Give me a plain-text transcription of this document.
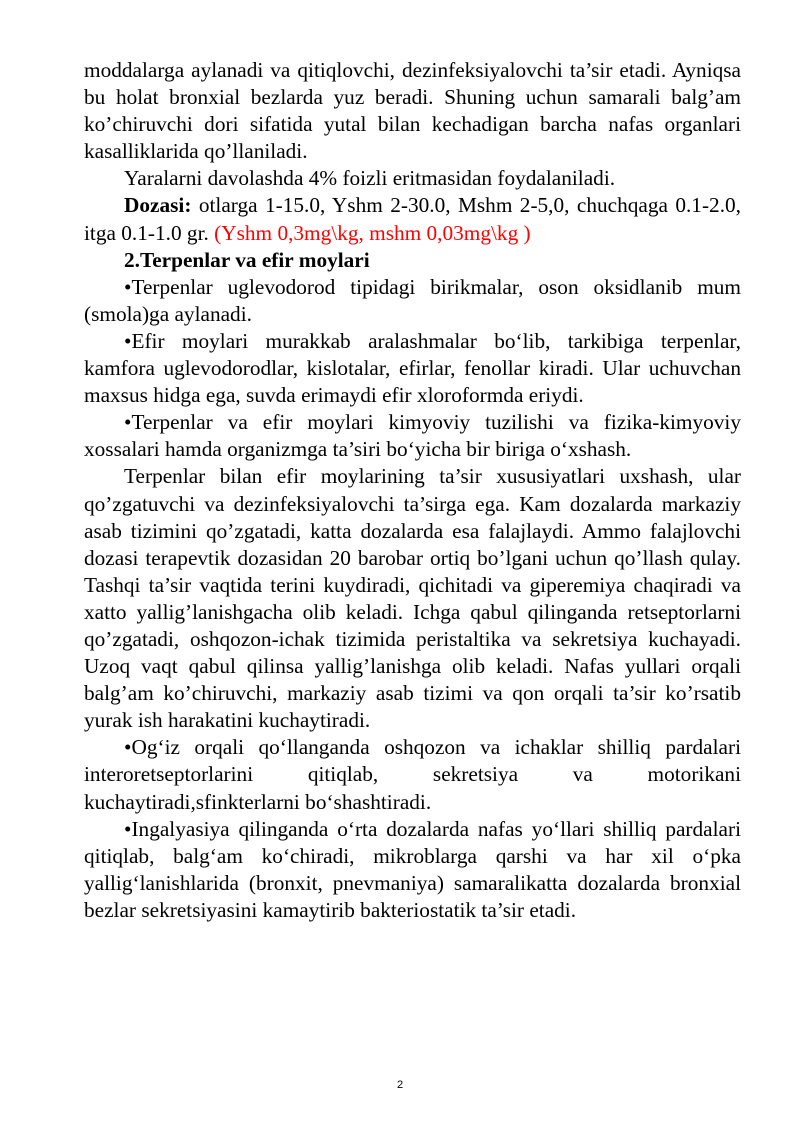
moddalarga aylanadi va qitiqlovchi, dezinfeksiyalovchi ta’sir etadi. Ayniqsa bu holat bronxial bezlarda yuz beradi. Shuning uchun samarali balg’am ko’chiruvchi dori sifatida yutal bilan kechadigan barcha nafas organlari kasalliklarida qo’llaniladi.

Yaralarni davolashda 4% foizli eritmasidan foydalaniladi.

Dozasi: otlarga 1-15.0, Yshm 2-30.0, Mshm 2-5,0, chuchqaga 0.1-2.0, itga 0.1-1.0 gr. (Yshm 0,3mg\kg, mshm 0,03mg\kg )

2.Terpenlar va efir moylari

•Terpenlar uglevodorod tipidagi birikmalar, oson oksidlanib mum (smola)ga aylanadi.

•Efir moylari murakkab aralashmalar bo‘lib, tarkibiga terpenlar, kamfora uglevodorodlar, kislotalar, efirlar, fenollar kiradi. Ular uchuvchan maxsus hidga ega, suvda erimaydi efir xloroformda eriydi.

•Terpenlar va efir moylari kimyoviy tuzilishi va fizika-kimyoviy xossalari hamda organizmga ta’siri bo‘yicha bir biriga o‘xshash.

Terpenlar bilan efir moylarining ta’sir xususiyatlari uxshash, ular qo’zgatuvchi va dezinfeksiyalovchi ta’sirga ega. Kam dozalarda markaziy asab tizimini qo’zgatadi, katta dozalarda esa falajlaydi. Ammo falajlovchi dozasi terapevtik dozasidan 20 barobar ortiq bo’lgani uchun qo’llash qulay. Tashqi ta’sir vaqtida terini kuydiradi, qichitadi va giperemiya chaqiradi va xatto yallig’lanishgacha olib keladi. Ichga qabul qilinganda retseptorlarni qo’zgatadi, oshqozon-ichak tizimida peristaltika va sekretsiya kuchayadi. Uzoq vaqt qabul qilinsa yallig’lanishga olib keladi. Nafas yullari orqali balg’am ko’chiruvchi, markaziy asab tizimi va qon orqali ta’sir ko’rsatib yurak ish harakatini kuchaytiradi.

•Og‘iz orqali qo‘llanganda oshqozon va ichaklar shilliq pardalari interoretseptorlarini qitiqlab, sekretsiya va motorikani kuchaytiradi,sfinkterlarni bo‘shashtiradi.

•Ingalyasiya qilinganda o‘rta dozalarda nafas yo‘llari shilliq pardalari qitiqlab, balg‘am ko‘chiradi, mikroblarga qarshi va har xil o‘pka yallig‘lanishlarida (bronxit, pnevmaniya) samaralikatta dozalarda bronxial bezlar sekretsiyasini kamaytirib bakteriostatik ta’sir etadi.

2
